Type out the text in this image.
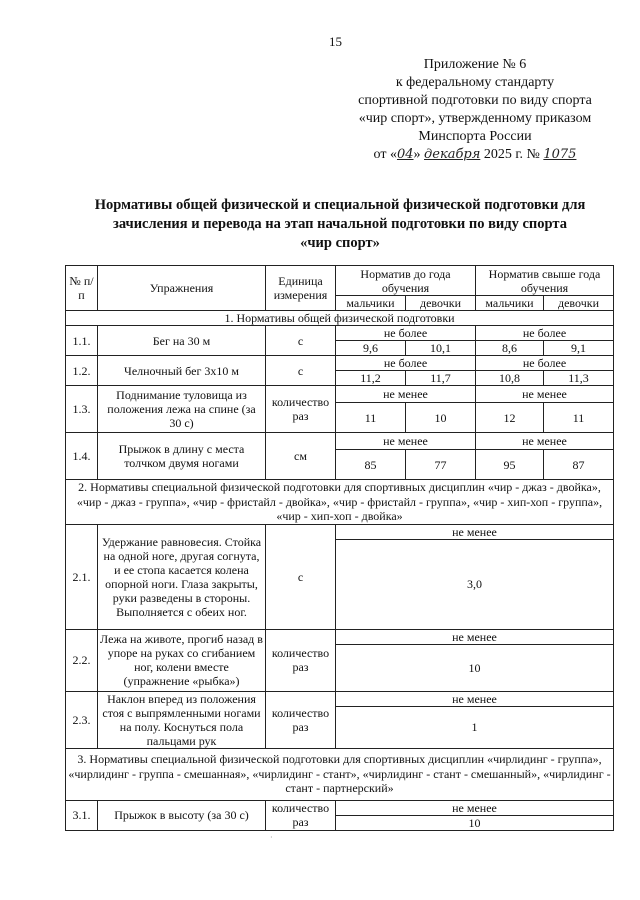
15
Приложение № 6
к федеральному стандарту
спортивной подготовки по виду спорта
«чир спорт», утвержденному приказом
Минспорта России
от «04» декабря 2025 г. № 1075
Нормативы общей физической и специальной физической подготовки для
зачисления и перевода на этап начальной подготовки по виду спорта
«чир спорт»
№ п/п	Упражнения	Единица измерения	Норматив до года обучения		Норматив свыше года обучения	
			мальчики	девочки	мальчики	девочки
1. Нормативы общей физической подготовки						
1.1.	Бег на 30 м	с	не более		не более	
			9,6	10,1	8,6	9,1
1.2.	Челночный бег 3х10 м	с	не более		не более	
			11,2	11,7	10,8	11,3
1.3.	Поднимание туловища из положения лежа на спине (за 30 с)	количество раз	не менее		не менее	
			11	10	12	11
1.4.	Прыжок в длину с места толчком двумя ногами	см	не менее		не менее	
			85	77	95	87
2. Нормативы специальной физической подготовки для спортивных дисциплин «чир - джаз - двойка», «чир - джаз - группа», «чир - фристайл - двойка», «чир - фристайл - группа», «чир - хип-хоп - группа», «чир - хип-хоп - двойка»						
2.1.	Удержание равновесия. Стойка на одной ноге, другая согнута, и ее стопа касается колена опорной ноги. Глаза закрыты, руки разведены в стороны. Выполняется с обеих ног.	с	не менее			
			3,0			
2.2.	Лежа на животе, прогиб назад в упоре на руках со сгибанием ног, колени вместе (упражнение «рыбка»)	количество раз	не менее			
			10			
2.3.	Наклон вперед из положения стоя с выпрямленными ногами на полу. Коснуться пола пальцами рук	количество раз	не менее			
			1			
3. Нормативы специальной физической подготовки для спортивных дисциплин «чирлидинг - группа», «чирлидинг - группа - смешанная», «чирлидинг - стант», «чирлидинг - стант - смешанный», «чирлидинг - стант - партнерский»						
3.1.	Прыжок в высоту (за 30 с)	количество раз	не менее			
			10			
·
